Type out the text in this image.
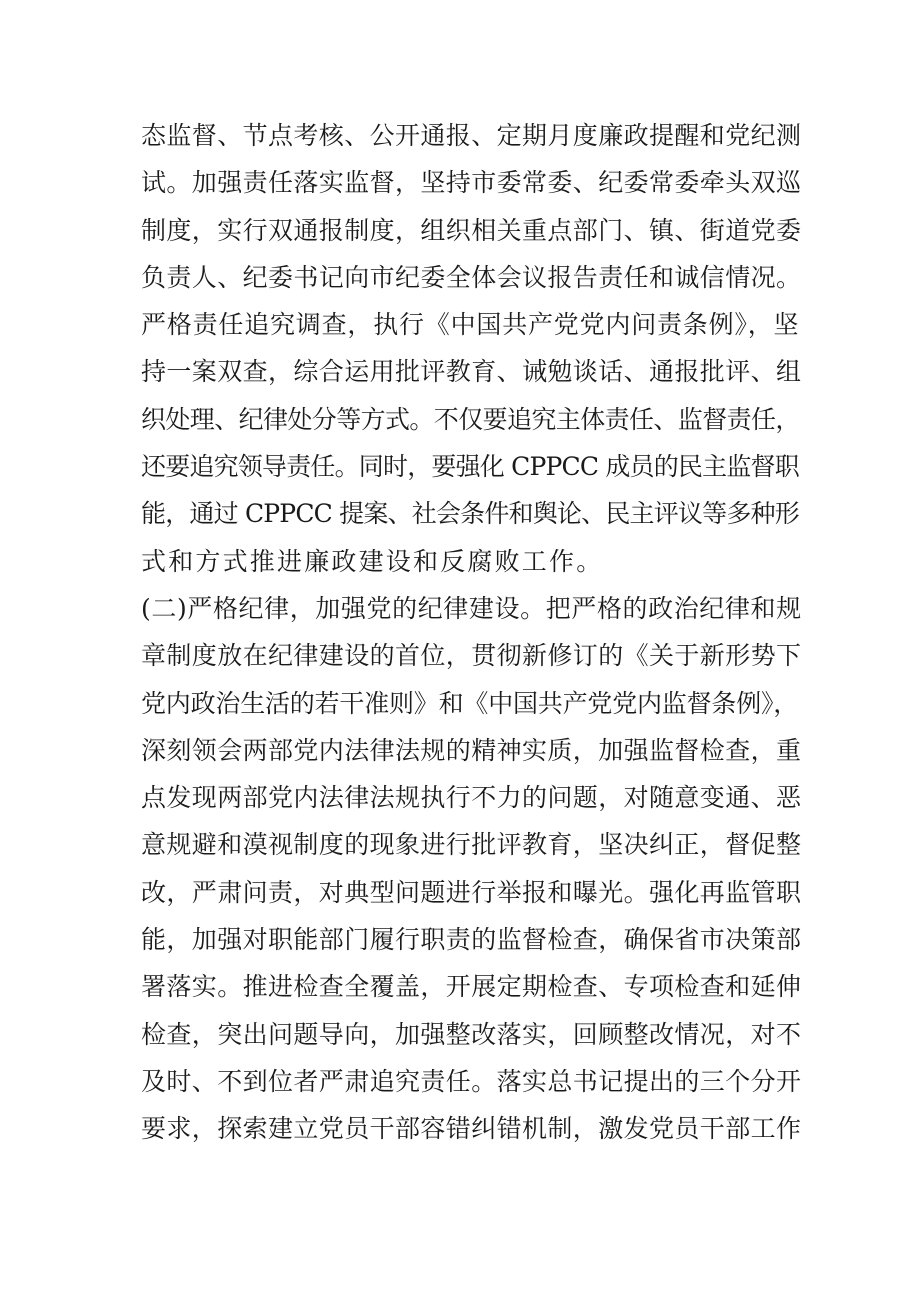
态监督、节点考核、公开通报、定期月度廉政提醒和党纪测
试。加强责任落实监督，坚持市委常委、纪委常委牵头双巡
制度，实行双通报制度，组织相关重点部门、镇、街道党委
负责人、纪委书记向市纪委全体会议报告责任和诚信情况。
严格责任追究调查，执行《中国共产党党内问责条例》，坚
持一案双查，综合运用批评教育、诫勉谈话、通报批评、组
织处理、纪律处分等方式。不仅要追究主体责任、监督责任，
还要追究领导责任。同时，要强化 CPPCC 成员的民主监督职
能，通过 CPPCC 提案、社会条件和舆论、民主评议等多种形
式和方式推进廉政建设和反腐败工作。
(二)严格纪律，加强党的纪律建设。把严格的政治纪律和规
章制度放在纪律建设的首位，贯彻新修订的《关于新形势下
党内政治生活的若干准则》和《中国共产党党内监督条例》，
深刻领会两部党内法律法规的精神实质，加强监督检查，重
点发现两部党内法律法规执行不力的问题，对随意变通、恶
意规避和漠视制度的现象进行批评教育，坚决纠正，督促整
改，严肃问责，对典型问题进行举报和曝光。强化再监管职
能，加强对职能部门履行职责的监督检查，确保省市决策部
署落实。推进检查全覆盖，开展定期检查、专项检查和延伸
检查，突出问题导向，加强整改落实，回顾整改情况，对不
及时、不到位者严肃追究责任。落实总书记提出的三个分开
要求，探索建立党员干部容错纠错机制，激发党员干部工作
